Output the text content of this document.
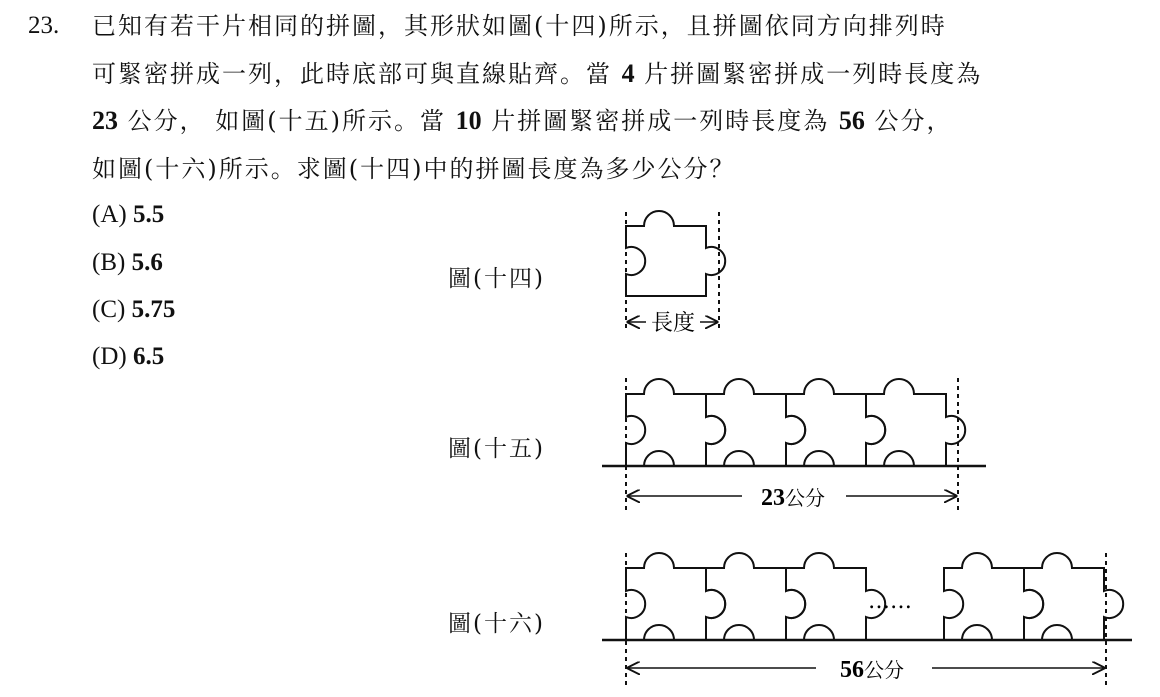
23. 已知有若干片相同的拼圖，其形狀如圖(十四)所示，且拼圖依同方向排列時
可緊密拼成一列，此時底部可與直線貼齊。當 4 片拼圖緊密拼成一列時長度為
23 公分， 如圖(十五)所示。當 10 片拼圖緊密拼成一列時長度為 56 公分，
如圖(十六)所示。求圖(十四)中的拼圖長度為多少公分？
(A) 5.5
(B) 5.6
(C) 5.75
(D) 6.5
圖(十四)
圖(十五)
圖(十六)
長度
23公分
……
56公分
